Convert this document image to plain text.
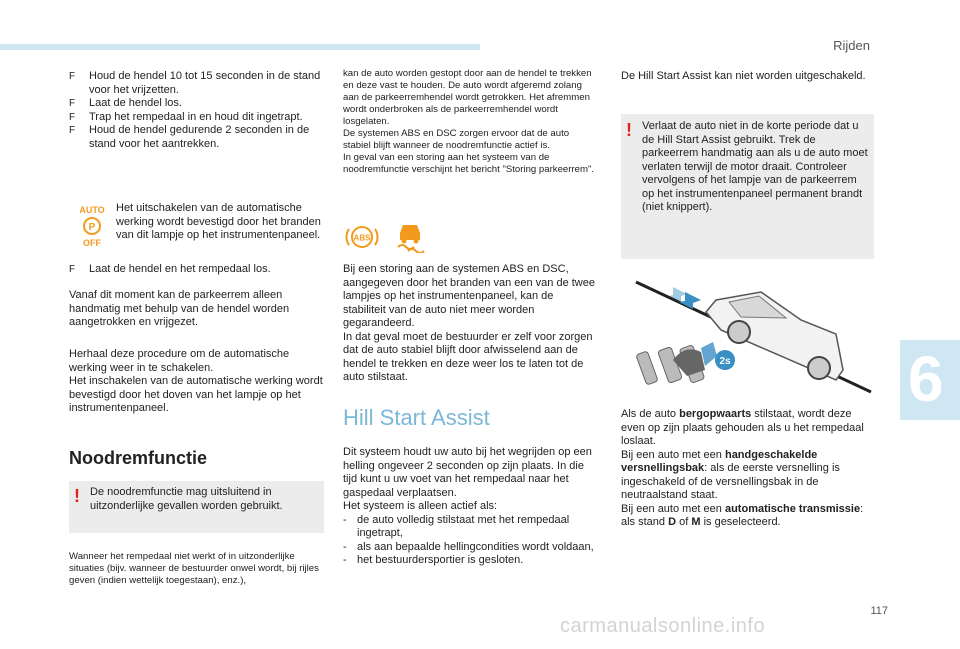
Rijden
6
117
carmanualsonline.info
F Houd de hendel 10 tot 15 seconden in de stand voor het vrijzetten.
F Laat de hendel los.
F Trap het rempedaal in en houd dit ingetrapt.
F Houd de hendel gedurende 2 seconden in de stand voor het aantrekken.
AUTO
P
OFF
Het uitschakelen van de automatische werking wordt bevestigd door het branden van dit lampje op het instrumentenpaneel.
F Laat de hendel en het rempedaal los.
Vanaf dit moment kan de parkeerrem alleen handmatig met behulp van de hendel worden aangetrokken en vrijgezet.

Herhaal deze procedure om de automatische werking weer in te schakelen.

Het inschakelen van de automatische werking wordt bevestigd door het doven van het lampje op het instrumentenpaneel.

Noodremfunctie
! De noodremfunctie mag uitsluitend in uitzonderlijke gevallen worden gebruikt.
Wanneer het rempedaal niet werkt of in uitzonderlijke situaties (bijv. wanneer de bestuurder onwel wordt, bij rijles geven (indien wettelijk toegestaan), enz.),

kan de auto worden gestopt door aan de hendel te trekken en deze vast te houden. De auto wordt afgeremd zolang aan de parkeerremhendel wordt getrokken. Het afremmen wordt onderbroken als de parkeerremhendel wordt losgelaten.

De systemen ABS en DSC zorgen ervoor dat de auto stabiel blijft wanneer de noodremfunctie actief is.

In geval van een storing aan het systeem van de noodremfunctie verschijnt het bericht "Storing parkeerrem".

ABS

Bij een storing aan de systemen ABS en DSC, aangegeven door het branden van een van de twee lampjes op het instrumentenpaneel, kan de stabiliteit van de auto niet meer worden gegarandeerd.

In dat geval moet de bestuurder er zelf voor zorgen dat de auto stabiel blijft door afwisselend aan de hendel te trekken en deze weer los te laten tot de auto stilstaat.

Hill Start Assist

Dit systeem houdt uw auto bij het wegrijden op een helling ongeveer 2 seconden op zijn plaats. In die tijd kunt u uw voet van het rempedaal naar het gaspedaal verplaatsen.

Het systeem is alleen actief als:

- de auto volledig stilstaat met het rempedaal ingetrapt,
- als aan bepaalde hellingcondities wordt voldaan,
- het bestuurdersportier is gesloten.
De Hill Start Assist kan niet worden uitgeschakeld.
! Verlaat de auto niet in de korte periode dat u de Hill Start Assist gebruikt. Trek de parkeerrem handmatig aan als u de auto moet verlaten terwijl de motor draait. Controleer vervolgens of het lampje van de parkeerrem op het instrumentenpaneel permanent brandt (niet knippert).
2s

Als de auto bergopwaarts stilstaat, wordt deze even op zijn plaats gehouden als u het rempedaal loslaat.

Bij een auto met een handgeschakelde versnellingsbak: als de eerste versnelling is ingeschakeld of de versnellingsbak in de neutraalstand staat.

Bij een auto met een automatische transmissie: als stand D of M is geselecteerd.
